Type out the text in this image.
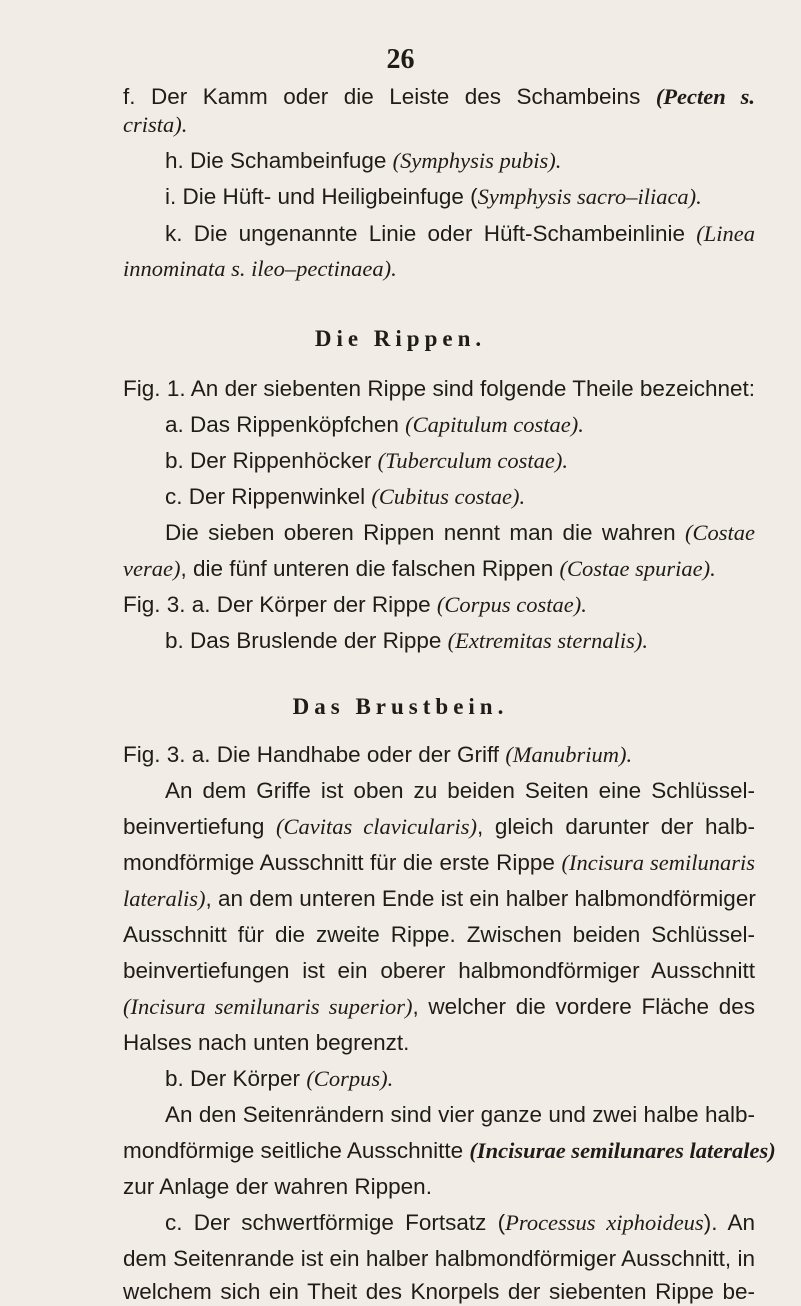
26
f. Der Kamm oder die Leiste des Schambeins (Pecten s.
crista).
h. Die Schambeinfuge (Symphysis pubis).
i. Die Hüft- und Heiligbeinfuge (Symphysis sacro–iliaca).
k. Die ungenannte Linie oder Hüft-Schambeinlinie (Linea
innominata s. ileo–pectinaea).
Die Rippen.
Fig. 1. An der siebenten Rippe sind folgende Theile bezeichnet:
a. Das Rippenköpfchen (Capitulum costae).
b. Der Rippenhöcker (Tuberculum costae).
c. Der Rippenwinkel (Cubitus costae).
Die sieben oberen Rippen nennt man die wahren (Costae
verae), die fünf unteren die falschen Rippen (Costae spuriae).
Fig. 3. a. Der Körper der Rippe (Corpus costae).
b. Das Bruslende der Rippe (Extremitas sternalis).
Das Brustbein.
Fig. 3. a. Die Handhabe oder der Griff (Manubrium).
An dem Griffe ist oben zu beiden Seiten eine Schlüssel-
beinvertiefung (Cavitas clavicularis), gleich darunter der halb-
mondförmige Ausschnitt für die erste Rippe (Incisura semilunaris
lateralis), an dem unteren Ende ist ein halber halbmondförmiger
Ausschnitt für die zweite Rippe. Zwischen beiden Schlüssel-
beinvertiefungen ist ein oberer halbmondförmiger Ausschnitt
(Incisura semilunaris superior), welcher die vordere Fläche des
Halses nach unten begrenzt.
b. Der Körper (Corpus).
An den Seitenrändern sind vier ganze und zwei halbe halb-
mondförmige seitliche Ausschnitte (Incisurae semilunares laterales)
zur Anlage der wahren Rippen.
c. Der schwertförmige Fortsatz (Processus xiphoideus). An
dem Seitenrande ist ein halber halbmondförmiger Ausschnitt, in
welchem sich ein Theit des Knorpels der siebenten Rippe be-
